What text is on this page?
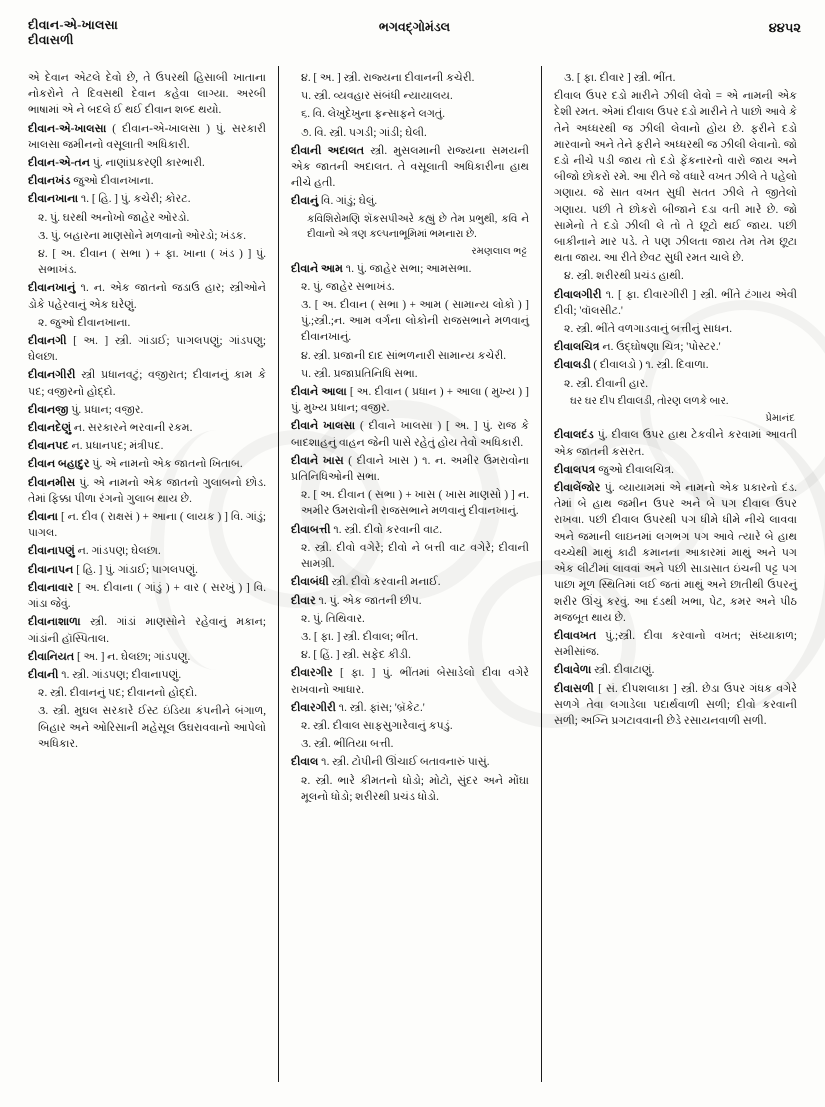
દીવાન-એ-ખાલસા
દીવાસળી
ભગવદ્ગોમંડલ	૪૪૫૨

એ દેવાન એટલે દેવો છે, તે ઉપરથી હિસાબી ખાતાના નોકરોને તે દિવસથી દેવાન કહેવા લાગ્યા. અરબી ભાષામાં એ ને બદલે ઈ થઈ દીવાન શબ્દ થયો.

દીવાન-એ-ખાલસા ( દીવાન-એ-ખાલસા ) પું. સરકારી ખાલસા જમીનનો વસૂલાતી અધિકારી.

દીવાન-એ-તન પું. નાણાંપ્રકરણી કારભારી.

દીવાનખંડ જુઓ દીવાનખાના.

દીવાનખાના ૧. [ હિ. ] પું. કચેરી; કોરટ.

૨. પું. ઘરથી અનોખો જાહેર ઓરડો.

૩. પું. બહારના માણસોને મળવાનો ઓરડો; ખંડક.

૪. [ અ. દીવાન ( સભા ) + ફા. ખાના ( ખંડ ) ] પું. સભાખંડ.

દીવાનખાનું ૧. ન. એક જાતનો જડાઉ હાર; સ્ત્રીઓને ડોકે પહેરવાનું એક ઘરેણું.

૨. જુઓ દીવાનખાના.

દીવાનગી [ અ. ] સ્ત્રી. ગાંડાઈ; પાગલપણું; ગાંડપણુ; ઘેલછા.

દીવાનગીરી સ્ત્રી પ્રધાનવટું; વજીરાત; દીવાનનું કામ કે પદ; વજીરનો હોદ્દો.

દીવાનજી પું. પ્રધાન; વજીર.

દીવાનદેણું ન. સરકારને ભરવાની રકમ.

દીવાનપદ ન. પ્રધાનપદ; મંત્રીપદ.

દીવાન બહાદુર પું. એ નામનો એક જાતનો ખિતાબ.

દીવાનમીસ પું. એ નામનો એક જાતનો ગુલાબનો છોડ. તેમાં ફિક્કા પીળા રંગનો ગુલાબ થાય છે.

દીવાના [ ન. દીવ ( રાક્ષસં ) + આના ( લાયક ) ] વિ. ગાંડું; પાગલ.

દીવાનાપણું ન. ગાંડપણ; ઘેલછા.

દીવાનાપન [ હિ. ] પું. ગાંડાઈ; પાગલપણું.

દીવાનાવાર [ અ. દીવાના ( ગાંડું ) + વાર ( સરખું ) ] વિ. ગાંડા જેવું.

દીવાનાશાળા સ્ત્રી. ગાંડાં માણસોને રહેવાનું મકાન; ગાંડાંની હૉસ્પિતાલ.

દીવાનિયત [ અ. ] ન. ઘેલછા; ગાંડપણુ.

દીવાની ૧. સ્ત્રી. ગાંડપણ; દીવાનાપણું.

૨. સ્ત્રી. દીવાનનું પદ; દીવાનનો હોદ્દો.

૩. સ્ત્રી. મુઘલ સરકારે ઈસ્ટ ઇંડિયા કંપનીને બંગાળ, બિહાર અને ઓરિસાની મહેસૂલ ઉઘરાવવાનો આપેલો અધિકાર.

૪. [ અ. ] સ્ત્રી. રાજ્યના દીવાનની કચેરી.

૫. સ્ત્રી. વ્યવહાર સંબંધી ન્યાયાલય.

૬. વિ. લેખુદેખુના ફન્સાફને લગતું.

૭. વિ. સ્ત્રી. પગડી; ગાંડી; ઘેલી.

દીવાની અદાલત સ્ત્રી. મુસલમાની રાજ્યના સમયની એક જાતની અદાલત. તે વસૂલાતી અધિકારીના હાથ નીચે હતી.

દીવાનું વિ. ગાંડું; ઘેલું.

કવિશિરોમણિ શૅકસપીઅરે કહ્યું છે તેમ પ્રભુથી, કવિ ને દીવાનો એ ત્રણ કલ્પનાભૂમિમાં ભમનારા છે.

રમણલાલ ભટ્ટ

દીવાને આમ ૧. પું. જાહેર સભા; આમસભા.

૨. પું. જાહેર સભાખંડ.

૩. [ અ. દીવાન ( સભા ) + આમ ( સામાન્ય લોકો ) ] પું.;સ્ત્રી.;ન. આમ વર્ગના લોકોની રાજસભાને મળવાનું દીવાનખાનું.

૪. સ્ત્રી. પ્રજાની દાદ સાંભળનારી સામાન્ય કચેરી.

૫. સ્ત્રી. પ્રજાપ્રતિનિધિ સભા.

દીવાને આલા [ અ. દીવાન ( પ્રધાન ) + આલા ( મુખ્ય ) ] પું. મુખ્ય પ્રધાન; વજીર.

દીવાને ખાલસા ( દીવાને ખાલસા ) [ અ. ] પું. રાજ કે બાદશાહનું વાહન જેની પાસે રહેતું હોય તેવો અધિકારી.

દીવાને ખાસ ( દીવાને ખાસ ) ૧. ન. અમીર ઉમરાવોના પ્રતિનિધિઓની સભા.

૨. [ અ. દીવાન ( સભા ) + ખાસ ( ખાસ માણસો ) ] ન. અમીર ઉમરાવોની રાજસભાને મળવાનું દીવાનખાનું.

દીવાબત્તી ૧. સ્ત્રી. દીવો કરવાની વાટ.

૨. સ્ત્રી. દીવો વગેરે; દીવો ને બત્તી વાટ વગેરે; દીવાની સામગ્રી.

દીવાબંધી સ્ત્રી. દીવો કરવાની મનાઈ.

દીવાર ૧. પું. એક જાતની છીપ.

૨. પું. તિથિવાર.

૩. [ ફા. ] સ્ત્રી. દીવાલ; ભીંત.

૪. [ હિં. ] સ્ત્રી. સફેદ કીડી.

દીવારગીર [ ફા. ] પું. ભીંતમાં બેસાડેલો દીવા વગેરે રાખવાનો આધાર.

દીવારગીરી ૧. સ્ત્રી. ફાંસ; 'બ્રૅકેટ.'

૨. સ્ત્રી. દીવાલ સાફસુગારેવાનું કપડું.

૩. સ્ત્રી. ભીંતિયા બત્તી.

દીવાલ ૧. સ્ત્રી. ટોપીની ઊંચાઈ બતાવનારું પાસું.

૨. સ્ત્રી. ભારે કીમતનો ધોડો; મોટો, સુંદર અને મોંઘા મૂલનો ધોડો; શરીરથી પ્રચંડ ધોડો.

૩. [ ફા. દીવાર ] સ્ત્રી. ભીંત.

દીવાલ ઉપર દડો મારીને ઝીલી લેવો = એ નામની એક દેશી રમત. એમાં દીવાલ ઉપર દડો મારીને તે પાછો આવે કે તેને અધ્ધરથી જ ઝીલી લેવાનો હોય છે. ફરીને દડો મારવાનો અને તેને ફરીને અધ્ધરથી જ ઝીલી લેવાનો. જો દડો નીચે પડી જાય તો દડો ફેંકનારનો વારો જાય અને બીજો છોકરો રમે. આ રીતે જે વધારે વખત ઝીલે તે પહેલો ગણાય. જે સાત વખત સુધી સતત ઝીલે તે જીતેલો ગણાય. પછી તે છોકરો બીજાને દડા વતી મારે છે. જો સામેનો તે દડો ઝીલી લે તો તે છૂટો થઈ જાય. પછી બાકીનાને માર પડે. તે પણ ઝીલતા જાય તેમ તેમ છૂટા થતા જાય. આ રીતે છેવટ સુધી રમત ચાલે છે.

૪. સ્ત્રી. શરીરથી પ્રચંડ હાથી.

દીવાલગીરી ૧. [ ફા. દીવારગીરી ] સ્ત્રી. ભીંતે ટંગાય એવી દીવી; 'વૉલસીટ.'

૨. સ્ત્રી. ભીંતે વળગાડવાનું બત્તીનું સાધન.

દીવાલચિત્ર ન. ઉદ્ઘોષણા ચિત્ર; 'પોસ્ટર.'

દીવાલડી ( દીવાલડો ) ૧. સ્ત્રી. દિવાળા.

૨. સ્ત્રી. દીવાની હાર.

ઘર ઘર દીપ દીવાલડી, તોરણ લળકે બાર.

પ્રેમાનંદ

દીવાલદંડ પું. દીવાલ ઉપર હાથ ટેકવીને કરવામાં આવતી એક જાતની કસરત.

દીવાલપત્ર જુઓ દીવાલચિત્ર.

દીવાલેંજોર પું. વ્યાયામમાં એ નામનો એક પ્રકારનો દંડ. તેમાં બે હાથ જમીન ઉપર અને બે પગ દીવાલ ઉપર રાખવા. પછી દીવાલ ઉપરથી પગ ધીમે ધીમે નીચે લાવવા અને જમાની લાઇનમાં લગભગ પગ આવે ત્યારે બે હાથ વચ્ચેથી માથું કાઢી કમાનના આકારમાં માથું અને પગ એક લીટીમાં લાવવાં અને પછી સાડાસાત ઇંચની પટ્ટ પગ પાછા મૂળ સ્થિતિમાં લઈ જતાં માથું અને છાતીથી ઉપરનું શરીર ઊંચું કરવું. આ દંડથી ખભા, પેટ, કમર અને પીઠ મજબૂત થાય છે.

દીવાવખત પું.;સ્ત્રી. દીવા કરવાનો વખત; સંધ્યાકાળ; સમીસાંજ.

દીવાવેળા સ્ત્રી. દીવાટાણું.

દીવાસળી [ સં. દીપશલાકા ] સ્ત્રી. છેડા ઉપર ગંધક વગેરે સળગે તેવા લગાડેલા પદાર્થવાળી સળી; દીવો કરવાની સળી; અગ્નિ પ્રગટાવવાની છેડે રસાયનવાળી સળી.
